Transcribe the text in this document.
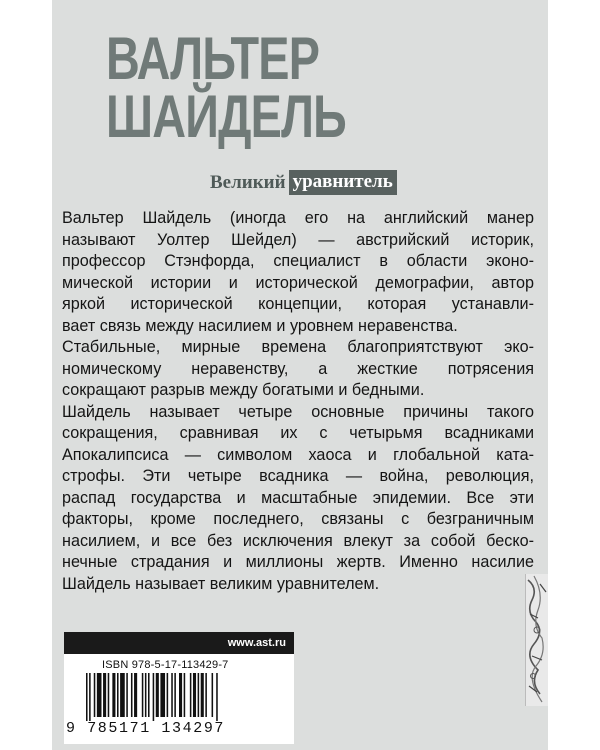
ВАЛЬТЕР
ШАЙДЕЛЬ
Великий уравнитель
Вальтер Шайдель (иногда его на английский манер
называют Уолтер Шейдел) — австрийский историк,
профессор Стэнфорда, специалист в области эконо-
мической истории и исторической демографии, автор
яркой исторической концепции, которая устанавли-
вает связь между насилием и уровнем неравенства.
Стабильные, мирные времена благоприятствуют эко-
номическому неравенству, а жесткие потрясения
сокращают разрыв между богатыми и бедными.
Шайдель называет четыре основные причины такого
сокращения, сравнивая их с четырьмя всадниками
Апокалипсиса — символом хаоса и глобальной ката-
строфы. Эти четыре всадника — война, революция,
распад государства и масштабные эпидемии. Все эти
факторы, кроме последнего, связаны с безграничным
насилием, и все без исключения влекут за собой беско-
нечные страдания и миллионы жертв. Именно насилие
Шайдель называет великим уравнителем.
www.ast.ru
ISBN 978-5-17-113429-7
9 785171 134297
